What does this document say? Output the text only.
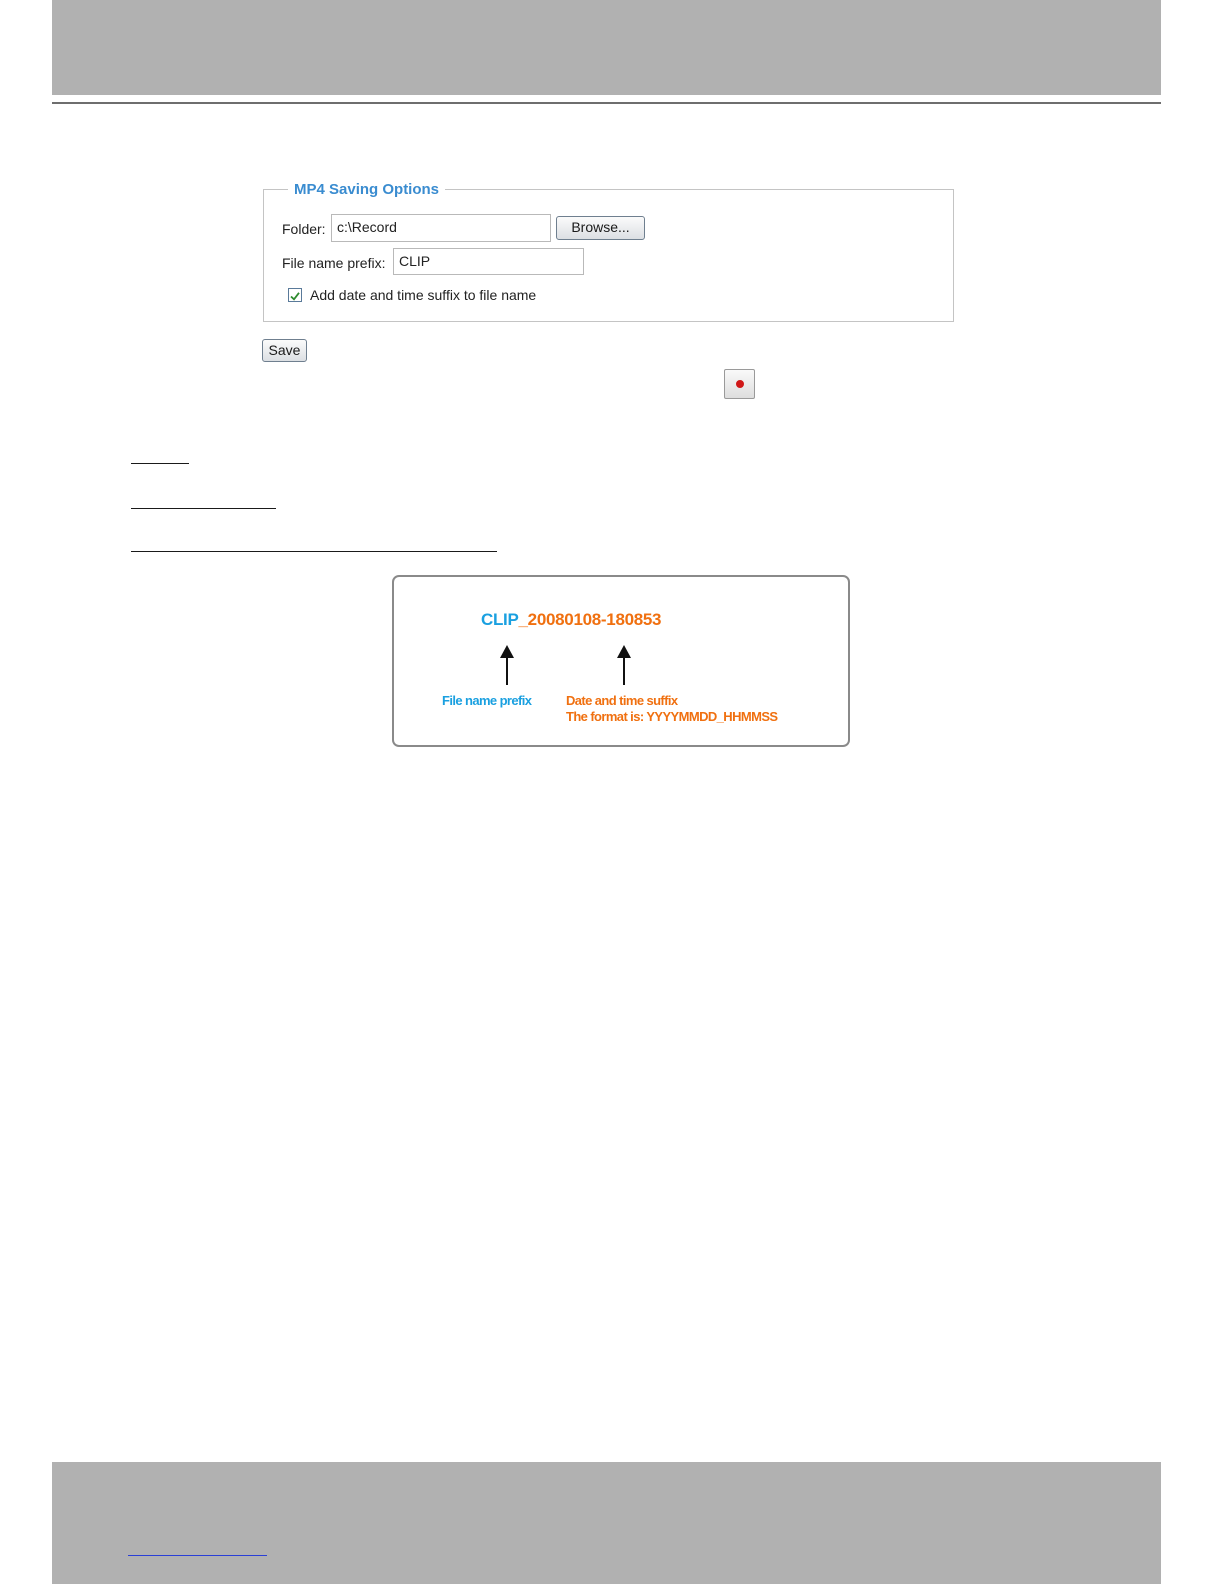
MP4 Saving Options
Folder: c:\Record	Browse...
File name prefix: CLIP
Add date and time suffix to file name
Save
CLIP_20080108-180853
File name prefix	Date and time suffix
The format is: YYYYMMDD_HHMMSS
